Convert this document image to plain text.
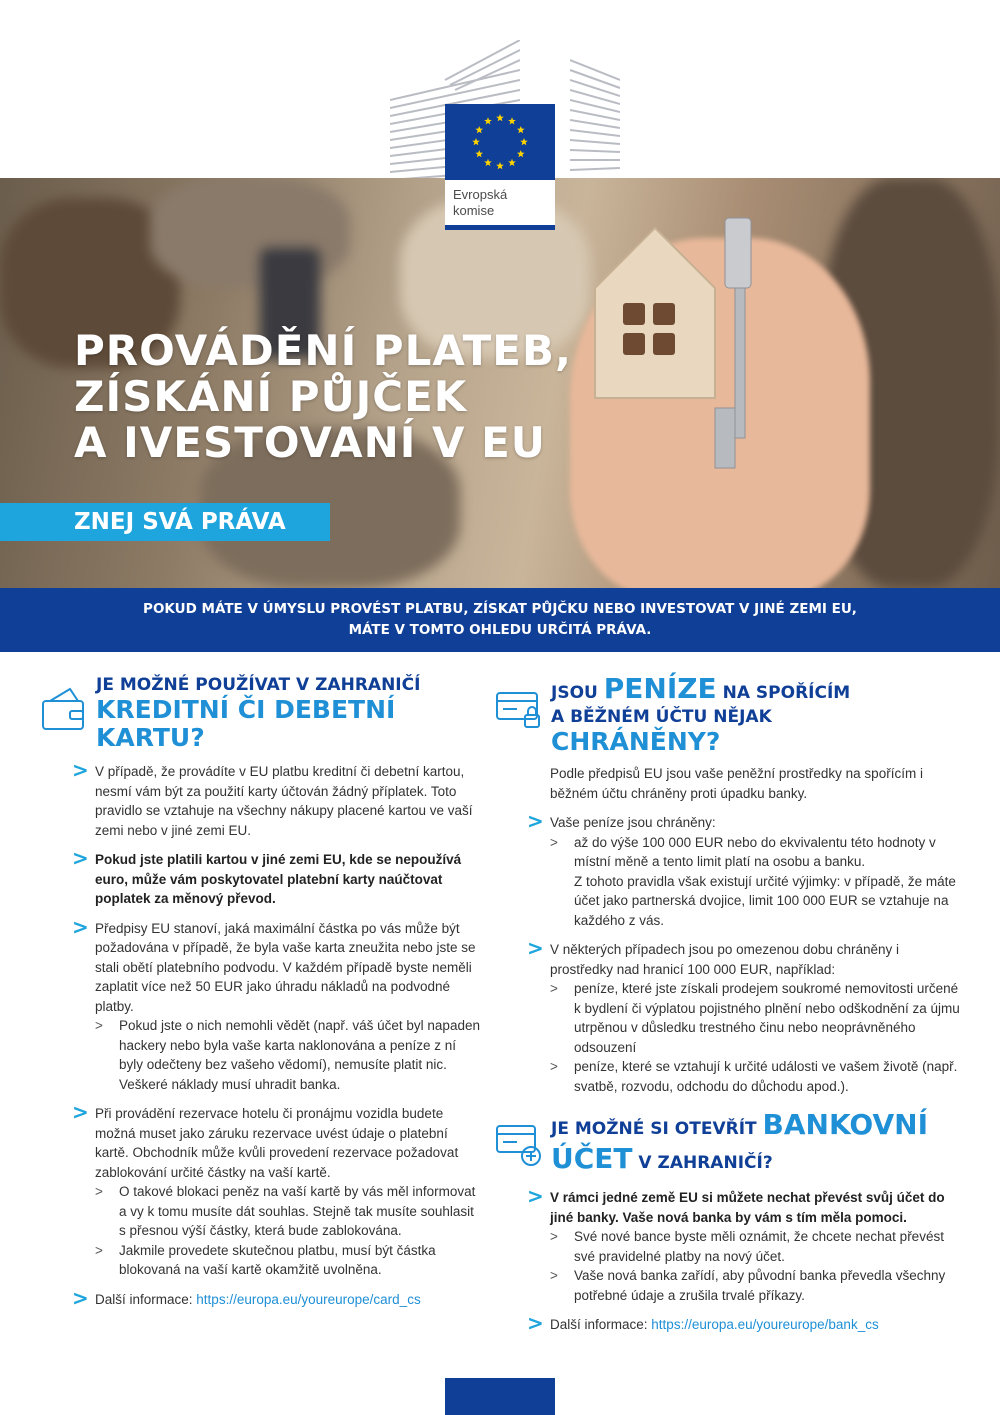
Evropská
komise
PROVÁDĚNÍ PLATEB,
ZÍSKÁNÍ PŮJČEK
A IVESTOVANÍ V EU
ZNEJ SVÁ PRÁVA
POKUD MÁTE V ÚMYSLU PROVÉST PLATBU, ZÍSKAT PŮJČKU NEBO INVESTOVAT V JINÉ ZEMI EU,
MÁTE V TOMTO OHLEDU URČITÁ PRÁVA.
JE MOŽNÉ POUŽÍVAT V ZAHRANIČÍ
KREDITNÍ ČI DEBETNÍ
KARTU?
> V případě, že provádíte v EU platbu kreditní či debetní kartou, nesmí vám být za použití karty účtován žádný příplatek. Toto pravidlo se vztahuje na všechny nákupy placené kartou ve vaší zemi nebo v jiné zemi EU.
> Pokud jste platili kartou v jiné zemi EU, kde se nepoužívá euro, může vám poskytovatel platební karty naúčtovat poplatek za měnový převod.
> Předpisy EU stanoví, jaká maximální částka po vás může být požadována v případě, že byla vaše karta zneužita nebo jste se stali obětí platebního podvodu. V každém případě byste neměli zaplatit více než 50 EUR jako úhradu nákladů na podvodné platby.
> Pokud jste o nich nemohli vědět (např. váš účet byl napaden hackery nebo byla vaše karta naklonována a peníze z ní byly odečteny bez vašeho vědomí), nemusíte platit nic. Veškeré náklady musí uhradit banka.
> Při provádění rezervace hotelu či pronájmu vozidla budete možná muset jako záruku rezervace uvést údaje o platební kartě. Obchodník může kvůli provedení rezervace požadovat zablokování určité částky na vaší kartě.
> O takové blokaci peněz na vaší kartě by vás měl informovat a vy k tomu musíte dát souhlas. Stejně tak musíte souhlasit s přesnou výší částky, která bude zablokována.
> Jakmile provedete skutečnou platbu, musí být částka blokovaná na vaší kartě okamžitě uvolněna.
> Další informace: https://europa.eu/youreurope/card_cs
JSOU PENÍZE NA SPOŘÍCÍM
A BĚŽNÉM ÚČTU NĚJAK
CHRÁNĚNY?
Podle předpisů EU jsou vaše peněžní prostředky na spořícím i běžném účtu chráněny proti úpadku banky.
> Vaše peníze jsou chráněny:
> až do výše 100 000 EUR nebo do ekvivalentu této hodnoty v místní měně a tento limit platí na osobu a banku.
Z tohoto pravidla však existují určité výjimky: v případě, že máte účet jako partnerská dvojice, limit 100 000 EUR se vztahuje na každého z vás.
> V některých případech jsou po omezenou dobu chráněny i prostředky nad hranicí 100 000 EUR, například:
> peníze, které jste získali prodejem soukromé nemovitosti určené k bydlení či výplatou pojistného plnění nebo odškodnění za újmu utrpěnou v důsledku trestného činu nebo neoprávněného odsouzení
> peníze, které se vztahují k určité události ve vašem životě (např. svatbě, rozvodu, odchodu do důchodu apod.).
JE MOŽNÉ SI OTEVŘÍT BANKOVNÍ
ÚČET V ZAHRANIČÍ?
> V rámci jedné země EU si můžete nechat převést svůj účet do jiné banky. Vaše nová banka by vám s tím měla pomoci.
> Své nové bance byste měli oznámit, že chcete nechat převést své pravidelné platby na nový účet.
> Vaše nová banka zařídí, aby původní banka převedla všechny potřebné údaje a zrušila trvalé příkazy.
> Další informace: https://europa.eu/youreurope/bank_cs
